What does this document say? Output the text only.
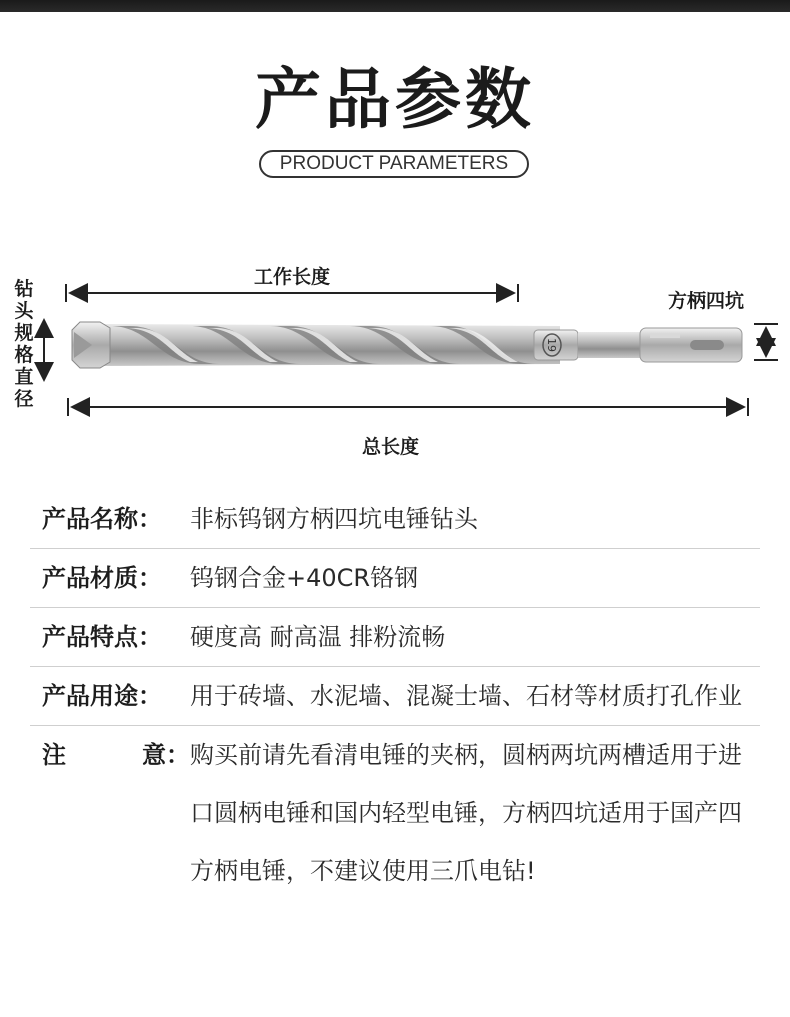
产品参数
PRODUCT PARAMETERS
工作长度
方柄四坑
总长度
钻
头
规
格
直
径
19
产品名称：	非标钨钢方柄四坑电锤钻头
产品材质：	钨钢合金+40CR铬钢
产品特点：	硬度高 耐高温 排粉流畅
产品用途：	用于砖墙、水泥墙、混凝士墙、石材等材质打孔作业
注	意： 购买前请先看清电锤的夹柄，圆柄两坑两槽适用于进口圆柄电锤和国内轻型电锤，方柄四坑适用于国产四方柄电锤，不建议使用三爪电钻!
